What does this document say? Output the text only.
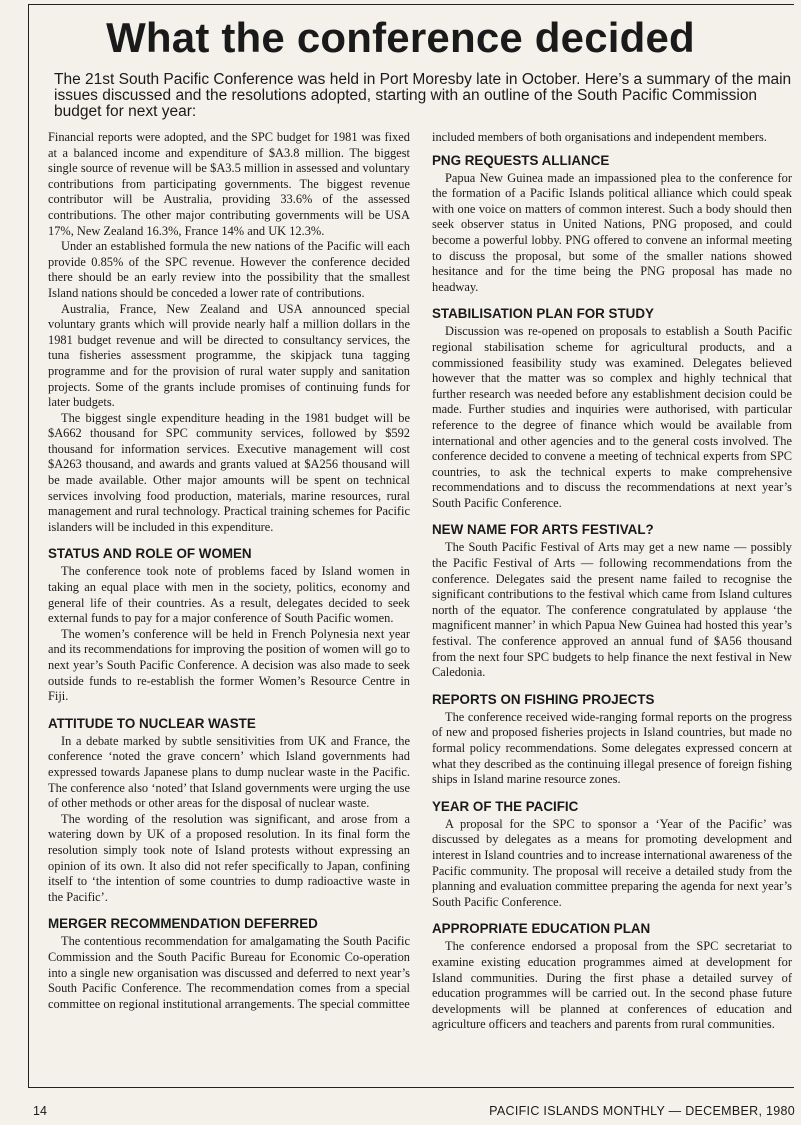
What the conference decided

The 21st South Pacific Conference was held in Port Moresby late in October. Here’s a summary of the main issues discussed and the resolutions adopted, starting with an outline of the South Pacific Commission budget for next year:

Financial reports were adopted, and the SPC budget for 1981 was fixed at a balanced income and expenditure of $A3.8 million. The biggest single source of revenue will be $A3.5 million in assessed and voluntary contributions from participating governments. The biggest revenue contributor will be Australia, providing 33.6% of the assessed contributions. The other major contributing governments will be USA 17%, New Zealand 16.3%, France 14% and UK 12.3%.

Under an established formula the new nations of the Pacific will each provide 0.85% of the SPC revenue. However the conference decided there should be an early review into the possibility that the smallest Island nations should be conceded a lower rate of contributions.

Australia, France, New Zealand and USA announced special voluntary grants which will provide nearly half a million dollars in the 1981 budget revenue and will be directed to consultancy services, the tuna fisheries assessment programme, the skipjack tuna tagging programme and for the provision of rural water supply and sanitation projects. Some of the grants include promises of continuing funds for later budgets.

The biggest single expenditure heading in the 1981 budget will be $A662 thousand for SPC community services, followed by $592 thousand for information services. Executive management will cost $A263 thousand, and awards and grants valued at $A256 thousand will be made available. Other major amounts will be spent on technical services involving food production, materials, marine resources, rural management and rural technology. Practical training schemes for Pacific islanders will be included in this expenditure.

STATUS AND ROLE OF WOMEN

The conference took note of problems faced by Island women in taking an equal place with men in the society, politics, economy and general life of their countries. As a result, delegates decided to seek external funds to pay for a major conference of South Pacific women.

The women’s conference will be held in French Polynesia next year and its recommendations for improving the position of women will go to next year’s South Pacific Conference. A decision was also made to seek outside funds to re-establish the former Women’s Resource Centre in Fiji.

ATTITUDE TO NUCLEAR WASTE

In a debate marked by subtle sensitivities from UK and France, the conference ‘noted the grave concern’ which Island governments had expressed towards Japanese plans to dump nuclear waste in the Pacific. The conference also ‘noted’ that Island governments were urging the use of other methods or other areas for the disposal of nuclear waste.

The wording of the resolution was significant, and arose from a watering down by UK of a proposed resolution. In its final form the resolution simply took note of Island protests without expressing an opinion of its own. It also did not refer specifically to Japan, confining itself to ‘the intention of some countries to dump radioactive waste in the Pacific’.

MERGER RECOMMENDATION DEFERRED

The contentious recommendation for amalgamating the South Pacific Commission and the South Pacific Bureau for Economic Co-operation into a single new organisation was discussed and deferred to next year’s South Pacific Conference. The recommendation comes from a special committee on regional institutional arrangements. The special committee

included members of both organisations and independent members.

PNG REQUESTS ALLIANCE

Papua New Guinea made an impassioned plea to the conference for the formation of a Pacific Islands political alliance which could speak with one voice on matters of common interest. Such a body should then seek observer status in United Nations, PNG proposed, and could become a powerful lobby. PNG offered to convene an informal meeting to discuss the proposal, but some of the smaller nations showed hesitance and for the time being the PNG proposal has made no headway.

STABILISATION PLAN FOR STUDY

Discussion was re-opened on proposals to establish a South Pacific regional stabilisation scheme for agricultural products, and a commissioned feasibility study was examined. Delegates believed however that the matter was so complex and highly technical that further research was needed before any establishment decision could be made. Further studies and inquiries were authorised, with particular reference to the degree of finance which would be available from international and other agencies and to the general costs involved. The conference decided to convene a meeting of technical experts from SPC countries, to ask the technical experts to make comprehensive recommendations and to discuss the recommendations at next year’s South Pacific Conference.

NEW NAME FOR ARTS FESTIVAL?

The South Pacific Festival of Arts may get a new name — possibly the Pacific Festival of Arts — following recommendations from the conference. Delegates said the present name failed to recognise the significant contributions to the festival which came from Island cultures north of the equator. The conference congratulated by applause ‘the magnificent manner’ in which Papua New Guinea had hosted this year’s festival. The conference approved an annual fund of $A56 thousand from the next four SPC budgets to help finance the next festival in New Caledonia.

REPORTS ON FISHING PROJECTS

The conference received wide-ranging formal reports on the progress of new and proposed fisheries projects in Island countries, but made no formal policy recommendations. Some delegates expressed concern at what they described as the continuing illegal presence of foreign fishing ships in Island marine resource zones.

YEAR OF THE PACIFIC

A proposal for the SPC to sponsor a ‘Year of the Pacific’ was discussed by delegates as a means for promoting development and interest in Island countries and to increase international awareness of the Pacific community. The proposal will receive a detailed study from the planning and evaluation committee preparing the agenda for next year’s South Pacific Conference.

APPROPRIATE EDUCATION PLAN

The conference endorsed a proposal from the SPC secretariat to examine existing education programmes aimed at development for Island communities. During the first phase a detailed survey of education programmes will be carried out. In the second phase future developments will be planned at conferences of education and agriculture officers and teachers and parents from rural communities.

14	PACIFIC ISLANDS MONTHLY — DECEMBER, 1980
